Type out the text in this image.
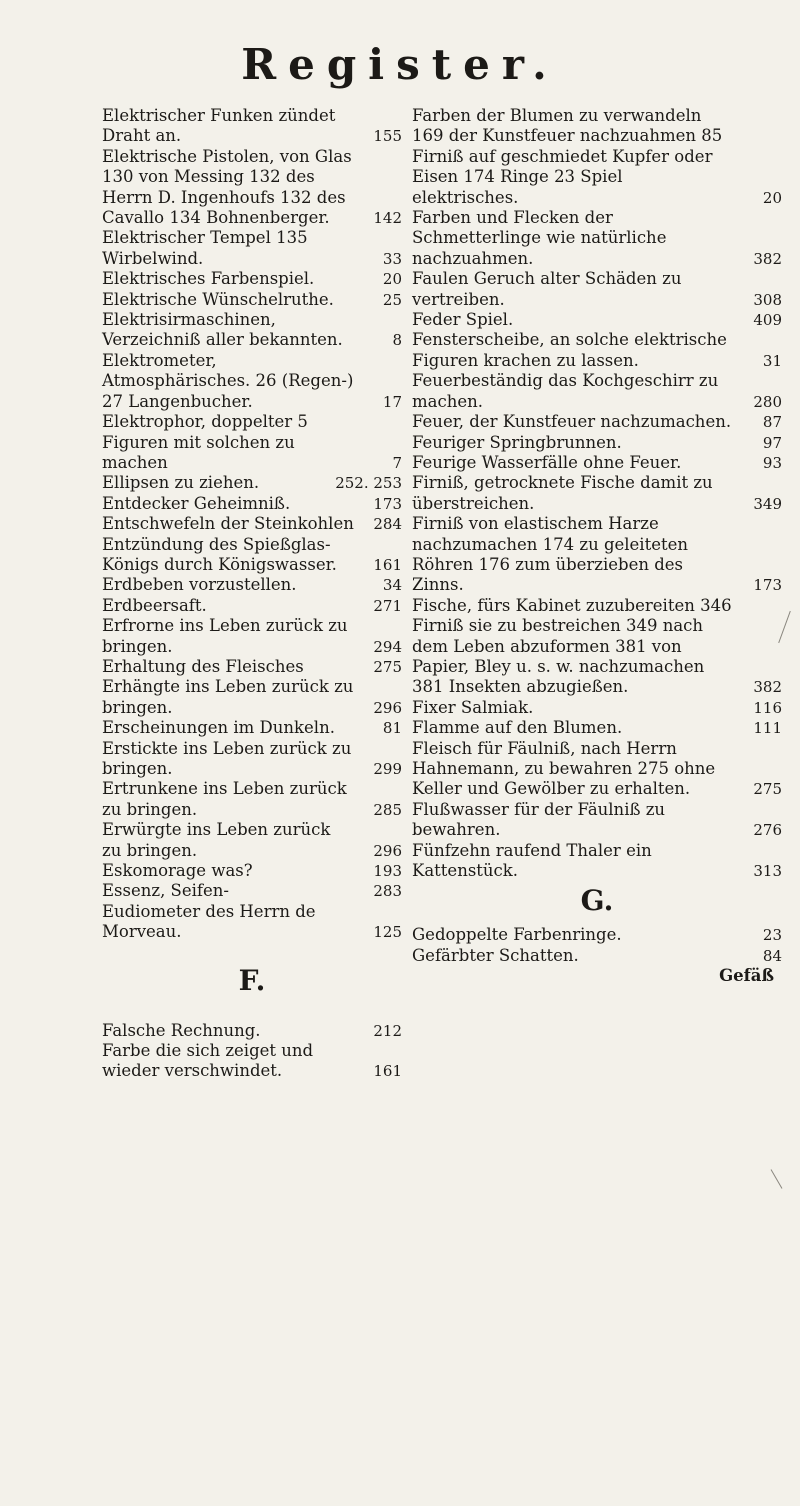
Register.
Elektrischer Funken zündet Draht an.	155
Elektrische Pistolen, von Glas 130 von Messing 132 des Herrn D. Ingenhoufs 132 des Cavallo 134 Bohnenberger.	142
Elektrischer Tempel 135 Wirbelwind.	33
Elektrisches Farbenspiel.	20
Elektrische Wünschelruthe.	25
Elektrisirmaschinen, Verzeichniß aller bekannten.	8
Elektrometer, Atmosphärisches. 26 (Regen-) 27 Langenbucher.	17
Elektrophor, doppelter 5 Figuren mit solchen zu machen	7
Ellipsen zu ziehen.	252. 253
Entdecker Geheimniß.	173
Entschwefeln der Steinkohlen	284
Entzündung des Spießglas-Königs durch Königswasser.	161
Erdbeben vorzustellen.	34
Erdbeersaft.	271
Erfrorne ins Leben zurück zu bringen.	294
Erhaltung des Fleisches	275
Erhängte ins Leben zurück zu bringen.	296
Erscheinungen im Dunkeln.	81
Erstickte ins Leben zurück zu bringen.	299
Ertrunkene ins Leben zurück zu bringen.	285
Erwürgte ins Leben zurück zu bringen.	296
Eskomorage was?	193
Essenz, Seifen-	283
Eudiometer des Herrn de Morveau.	125
F.
Falsche Rechnung.	212
Farbe die sich zeiget und wieder verschwindet.	161
Farben der Blumen zu verwandeln 169 der Kunstfeuer nachzuahmen 85 Firniß auf geschmiedet Kupfer oder Eisen 174 Ringe 23 Spiel elektrisches.	20
Farben und Flecken der Schmetterlinge wie natürliche nachzuahmen.	382
Faulen Geruch alter Schäden zu vertreiben.	308
Feder Spiel.	409
Fensterscheibe, an solche elektrische Figuren krachen zu lassen.	31
Feuerbeständig das Kochgeschirr zu machen.	280
Feuer, der Kunstfeuer nachzumachen.	87
Feuriger Springbrunnen.	97
Feurige Wasserfälle ohne Feuer.	93
Firniß, getrocknete Fische damit zu überstreichen.	349
Firniß von elastischem Harze nachzumachen 174 zu geleiteten Röhren 176 zum überzieben des Zinns.	173
Fische, fürs Kabinet zuzubereiten 346 Firniß sie zu bestreichen 349 nach dem Leben abzuformen 381 von Papier, Bley u. s. w. nachzumachen 381 Insekten abzugießen.	382
Fixer Salmiak.	116
Flamme auf den Blumen.	111
Fleisch für Fäulniß, nach Herrn Hahnemann, zu bewahren 275 ohne Keller und Gewölber zu erhalten.	275
Flußwasser für der Fäulniß zu bewahren.	276
Fünfzehn raufend Thaler ein Kattenstück.	313
G.
Gedoppelte Farbenringe.	23
Gefärbter Schatten.	84
Gefäß
